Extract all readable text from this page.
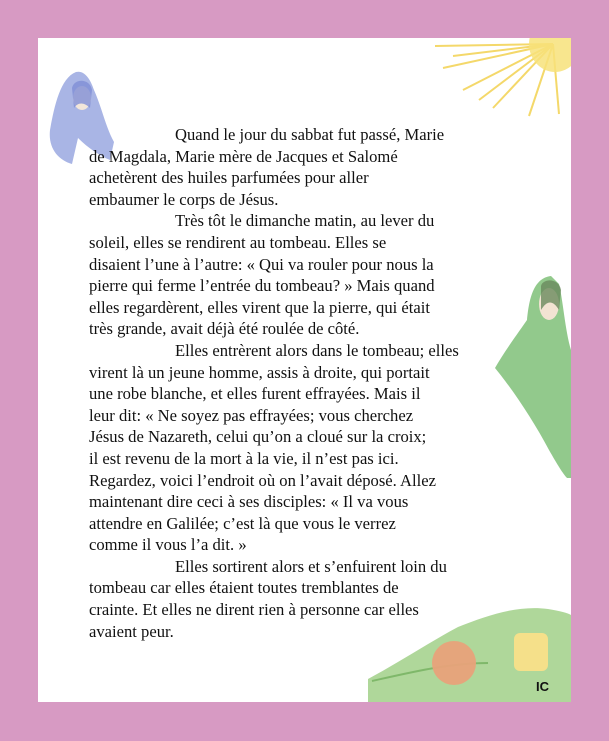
Quand le jour du sabbat fut passé, Marie
de Magdala, Marie mère de Jacques et Salomé
achetèrent des huiles parfumées pour aller
embaumer le corps de Jésus.

Très tôt le dimanche matin, au lever du
soleil, elles se rendirent au tombeau. Elles se
disaient l’une à l’autre: « Qui va rouler pour nous la
pierre qui ferme l’entrée du tombeau? » Mais quand
elles regardèrent, elles virent que la pierre, qui était
très grande, avait déjà été roulée de côté.

Elles entrèrent alors dans le tombeau; elles
virent là un jeune homme, assis à droite, qui portait
une robe blanche, et elles furent effrayées. Mais il
leur dit: « Ne soyez pas effrayées; vous cherchez
Jésus de Nazareth, celui qu’on a cloué sur la croix;
il est revenu de la mort à la vie, il n’est pas ici.
Regardez, voici l’endroit où on l’avait déposé. Allez
maintenant dire ceci à ses disciples: « Il va vous
attendre en Galilée; c’est là que vous le verrez
comme il vous l’a dit. »

Elles sortirent alors et s’enfuirent loin du
tombeau car elles étaient toutes tremblantes de
crainte. Et elles ne dirent rien à personne car elles
avaient peur.

IC
